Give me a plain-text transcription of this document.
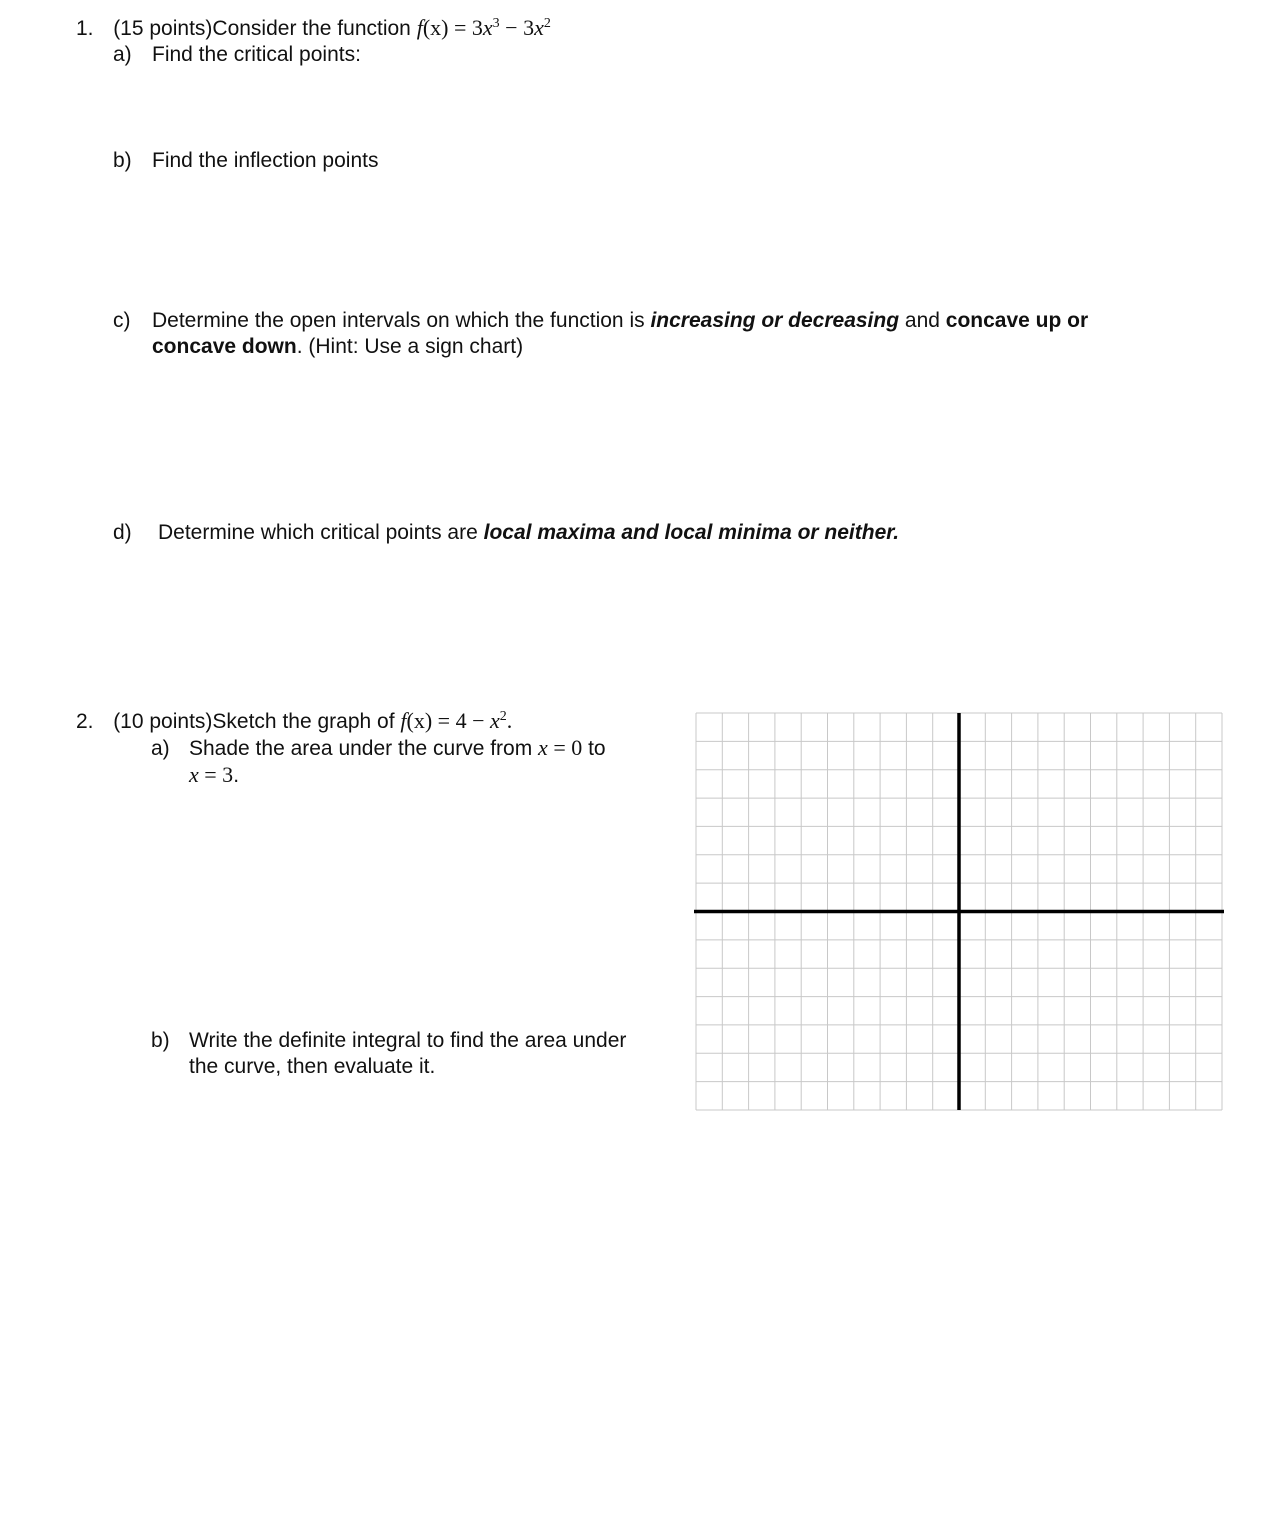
1. (15 points)Consider the function $f(x) = 3x^3 - 3x^2$
a) Find the critical points:
b) Find the inflection points
c) Determine the open intervals on which the function is increasing or decreasing and concave up or
concave down. (Hint: Use a sign chart)
d) Determine which critical points are local maxima and local minima or neither.
2. (10 points)Sketch the graph of $f(x) = 4 - x^2$.
a) Shade the area under the curve from x = 0 to
x = 3.
b) Write the definite integral to find the area under
the curve, then evaluate it.
